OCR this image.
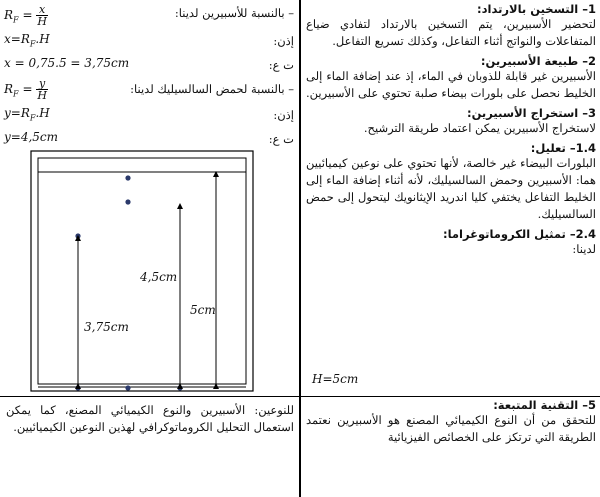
1– التسخين بالارتداد:
لتحضير الأسبيرين، يتم التسخين بالارتداد لتفادي ضياع المتفاعلات والنواتج أثناء التفاعل، وكذلك تسريع التفاعل.
2– طبيعة الأسبيرين:
الأسبيرين غير قابلة للذوبان في الماء، إذ عند إضافة الماء إلى الخليط نحصل على بلورات بيضاء صلبة تحتوي على الأسبيرين.
3– استخراج الأسبيرين:
لاستخراج الأسبيرين يمكن اعتماد طريقة الترشيح.
1.4– تعليل:
البلورات البيضاء غير خالصة، لأنها تحتوي على نوعين كيميائيين هما: الأسبيرين وحمض السالسيليك، لأنه أثناء إضافة الماء إلى الخليط التفاعل يختفي كليا اندريد الإيثانويك ليتحول إلى حمض السالسيليك.
2.4– تمثيل الكروماتوغراما:
لدينا:
H=5cm
$R_F = \frac{x}{H}$	– بالنسبة للأسبيرين لدينا:
$x=R_F.H$	إذن:
x = 0,75.5 = 3,75cm	ت ع:
$R_F = \frac{y}{H}$	– بالنسبة لحمض السالسيليك لدينا:
$y=R_F.H$	إذن:
y=4,5cm	ت ع:
4,5cm
3,75cm
5cm
5– التقنية المتبعة:
للتحقق من أن النوع الكيميائي المصنع هو الأسبيرين نعتمد الطريقة التي ترتكز على الخصائص الفيزيائية
للنوعين: الأسبيرين والنوع الكيميائي المصنع، كما يمكن استعمال التحليل الكروماتوكرافي لهذين النوعين الكيميائيين.
